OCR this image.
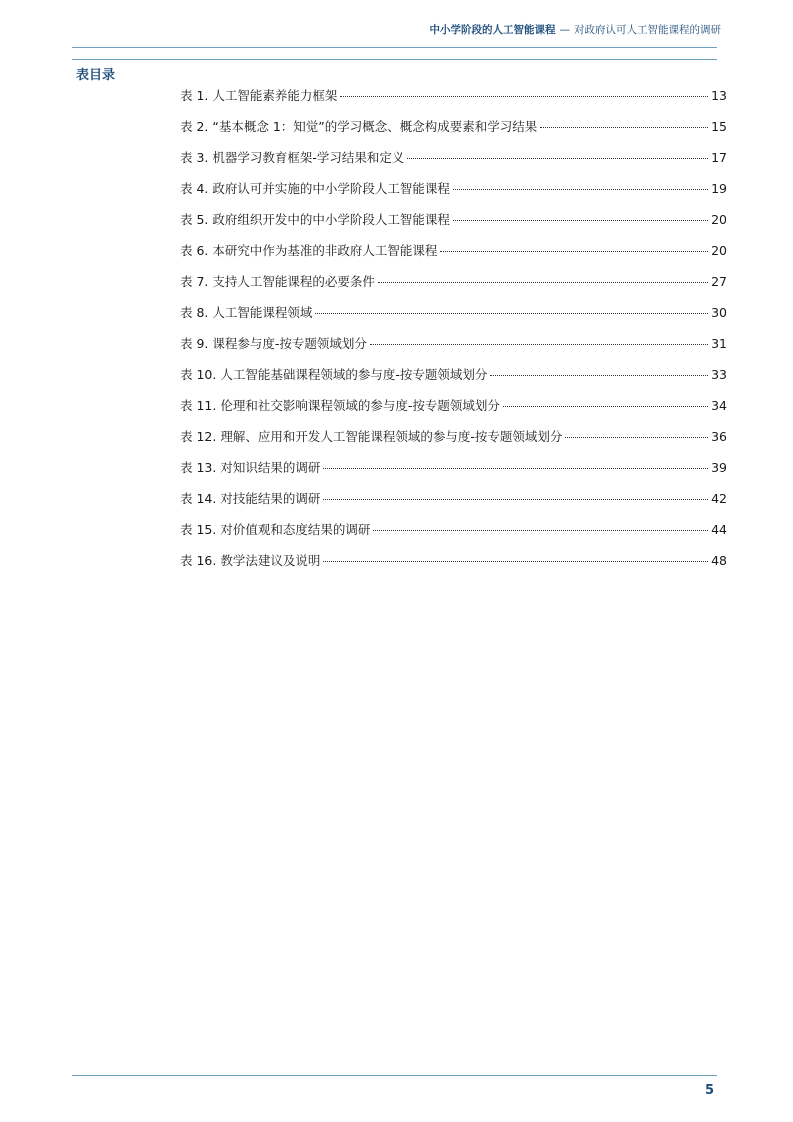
中小学阶段的人工智能课程 — 对政府认可人工智能课程的调研
表目录
表 1. 人工智能素养能力框架	13
表 2. “基本概念 1：知觉”的学习概念、概念构成要素和学习结果	15
表 3. 机器学习教育框架-学习结果和定义	17
表 4. 政府认可并实施的中小学阶段人工智能课程	19
表 5. 政府组织开发中的中小学阶段人工智能课程	20
表 6. 本研究中作为基准的非政府人工智能课程	20
表 7. 支持人工智能课程的必要条件	27
表 8. 人工智能课程领域	30
表 9. 课程参与度-按专题领域划分	31
表 10. 人工智能基础课程领域的参与度-按专题领域划分	33
表 11. 伦理和社交影响课程领域的参与度-按专题领域划分	34
表 12. 理解、应用和开发人工智能课程领域的参与度-按专题领域划分	36
表 13. 对知识结果的调研	39
表 14. 对技能结果的调研	42
表 15. 对价值观和态度结果的调研	44
表 16. 教学法建议及说明	48
5
